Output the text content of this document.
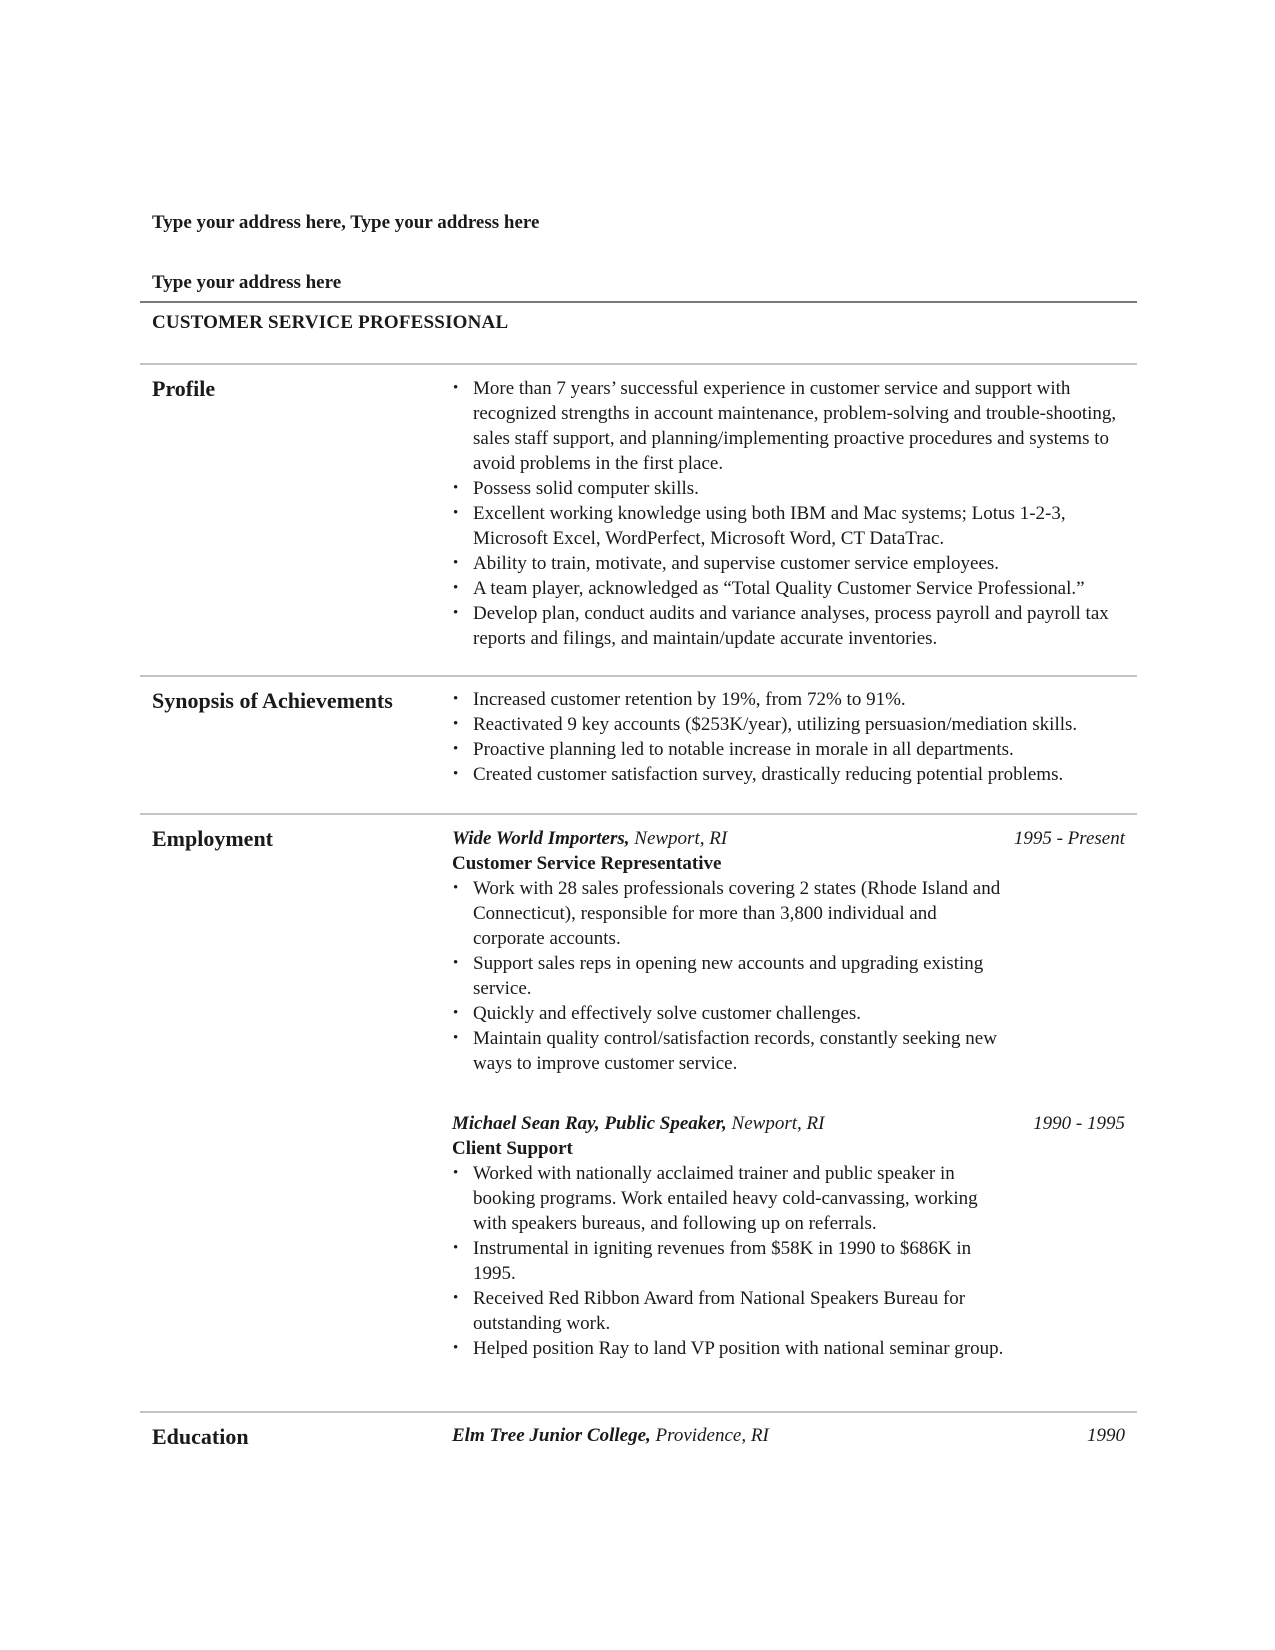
Type your address here, Type your address here
Type your address here
CUSTOMER SERVICE PROFESSIONAL
Profile	• More than 7 years’ successful experience in customer service and support with recognized strengths in account maintenance, problem-solving and trouble-shooting, sales staff support, and planning/implementing proactive procedures and systems to avoid problems in the first place.
• Possess solid computer skills.
• Excellent working knowledge using both IBM and Mac systems; Lotus 1-2-3, Microsoft Excel, WordPerfect, Microsoft Word, CT DataTrac.
• Ability to train, motivate, and supervise customer service employees.
• A team player, acknowledged as “Total Quality Customer Service Professional.”
• Develop plan, conduct audits and variance analyses, process payroll and payroll tax reports and filings, and maintain/update accurate inventories.
Synopsis of Achievements	• Increased customer retention by 19%, from 72% to 91%.
• Reactivated 9 key accounts ($253K/year), utilizing persuasion/mediation skills.
• Proactive planning led to notable increase in morale in all departments.
• Created customer satisfaction survey, drastically reducing potential problems.
Employment	Wide World Importers, Newport, RI	1995 - Present
Customer Service Representative
• Work with 28 sales professionals covering 2 states (Rhode Island and Connecticut), responsible for more than 3,800 individual and corporate accounts.
• Support sales reps in opening new accounts and upgrading existing service.
• Quickly and effectively solve customer challenges.
• Maintain quality control/satisfaction records, constantly seeking new ways to improve customer service.
Michael Sean Ray, Public Speaker, Newport, RI	1990 - 1995
Client Support
• Worked with nationally acclaimed trainer and public speaker in booking programs. Work entailed heavy cold-canvassing, working with speakers bureaus, and following up on referrals.
• Instrumental in igniting revenues from $58K in 1990 to $686K in 1995.
• Received Red Ribbon Award from National Speakers Bureau for outstanding work.
• Helped position Ray to land VP position with national seminar group.
Education	Elm Tree Junior College, Providence, RI	1990
